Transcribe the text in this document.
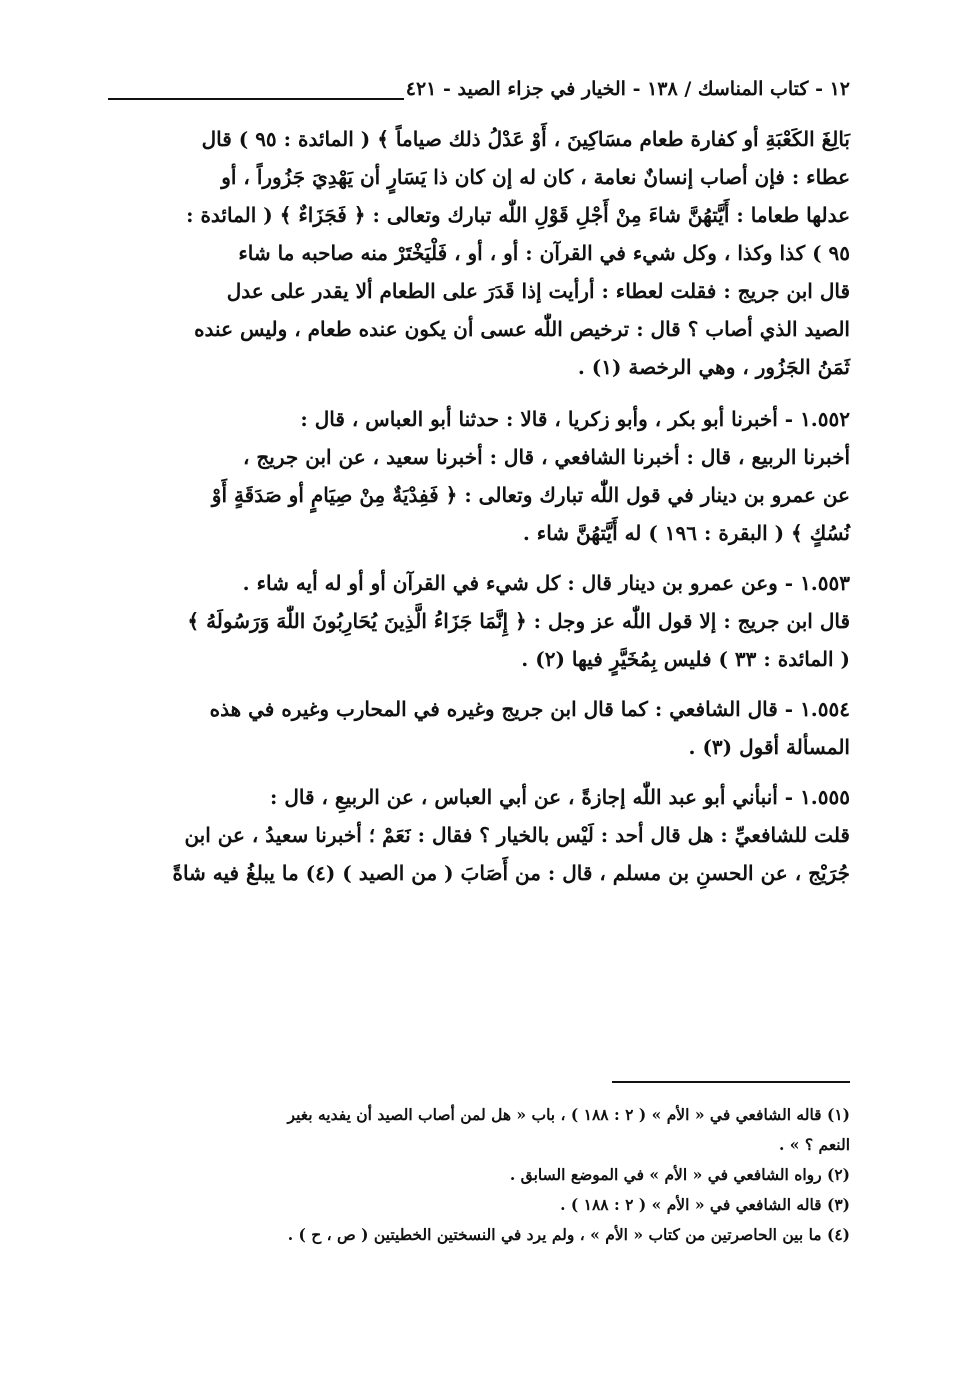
١٢ - كتاب المناسك / ١٣٨ - الخيار في جزاء الصيد - ٤٢١

بَالِغَ الكَعْبَةِ أو كفارة طعام مسَاكِينَ ، أَوْ عَدْلُ ذلك صياماً ﴾ ( المائدة : ٩٥ ) قال

عطاء : فإن أصاب إنسانٌ نعامة ، كان له إن كان ذا يَسَارٍ أن يَهْدِيَ جَزُوراً ، أو

عدلها طعاما : أَيَّتهُنَّ شاءَ مِنْ أَجْلِ قَوْلِ اللّٰه تبارك وتعالى : ﴿ فَجَزَاءٌ ﴾ ( المائدة :

٩٥ ) كذا وكذا ، وكل شيء في القرآن : أو ، أو ، فَلْيَخْتَرْ منه صاحبه ما شاء

قال ابن جريج : فقلت لعطاء : أرأيت إذا قَدَرَ على الطعام ألا يقدر على عدل

الصيد الذي أصاب ؟ قال : ترخيص اللّٰه عسى أن يكون عنده طعام ، وليس عنده

ثَمَنُ الجَزُور ، وهي الرخصة (١) .

١.٥٥٢ - أخبرنا أبو بكر ، وأبو زكريا ، قالا : حدثنا أبو العباس ، قال :

أخبرنا الربيع ، قال : أخبرنا الشافعي ، قال : أخبرنا سعيد ، عن ابن جريج ،

عن عمرو بن دينار في قول اللّٰه تبارك وتعالى : ﴿ فَفِدْيَةٌ مِنْ صِيَامٍ أو صَدَقَةٍ أَوْ

نُسُكٍ ﴾ ( البقرة : ١٩٦ ) له أَيَّتهُنَّ شاء .

١.٥٥٣ - وعن عمرو بن دينار قال : كل شيء في القرآن أو أو له أيه شاء .

قال ابن جريج : إلا قول اللّٰه عز وجل : ﴿ إِنَّمَا جَزَاءُ الَّذِينَ يُحَارِبُونَ اللّٰهَ وَرَسُولَهُ ﴾

( المائدة : ٣٣ ) فليس بِمُخَيَّرٍ فيها (٢) .

١.٥٥٤ - قال الشافعي : كما قال ابن جريج وغيره في المحارب وغيره في هذه

المسألة أقول (٣) .

١.٥٥٥ - أنبأني أبو عبد اللّٰه إجازةً ، عن أبي العباس ، عن الربيعِ ، قال :

قلت للشافعيِّ : هل قال أحد : لَيْس بالخيار ؟ فقال : نَعَمْ ؛ أخبرنا سعيدُ ، عن ابن

جُرَيْج ، عن الحسنِ بن مسلم ، قال : من أَصَابَ ( من الصيد ) (٤) ما يبلغُ فيه شاةً

(١) قاله الشافعي في « الأم » ( ٢ : ١٨٨ ) ، باب « هل لمن أصاب الصيد أن يفديه بغير

النعم ؟ » .

(٢) رواه الشافعي في « الأم » في الموضع السابق .

(٣) قاله الشافعي في « الأم » ( ٢ : ١٨٨ ) .

(٤) ما بين الحاصرتين من كتاب « الأم » ، ولم يرد في النسختين الخطيتين ( ص ، ح ) .
